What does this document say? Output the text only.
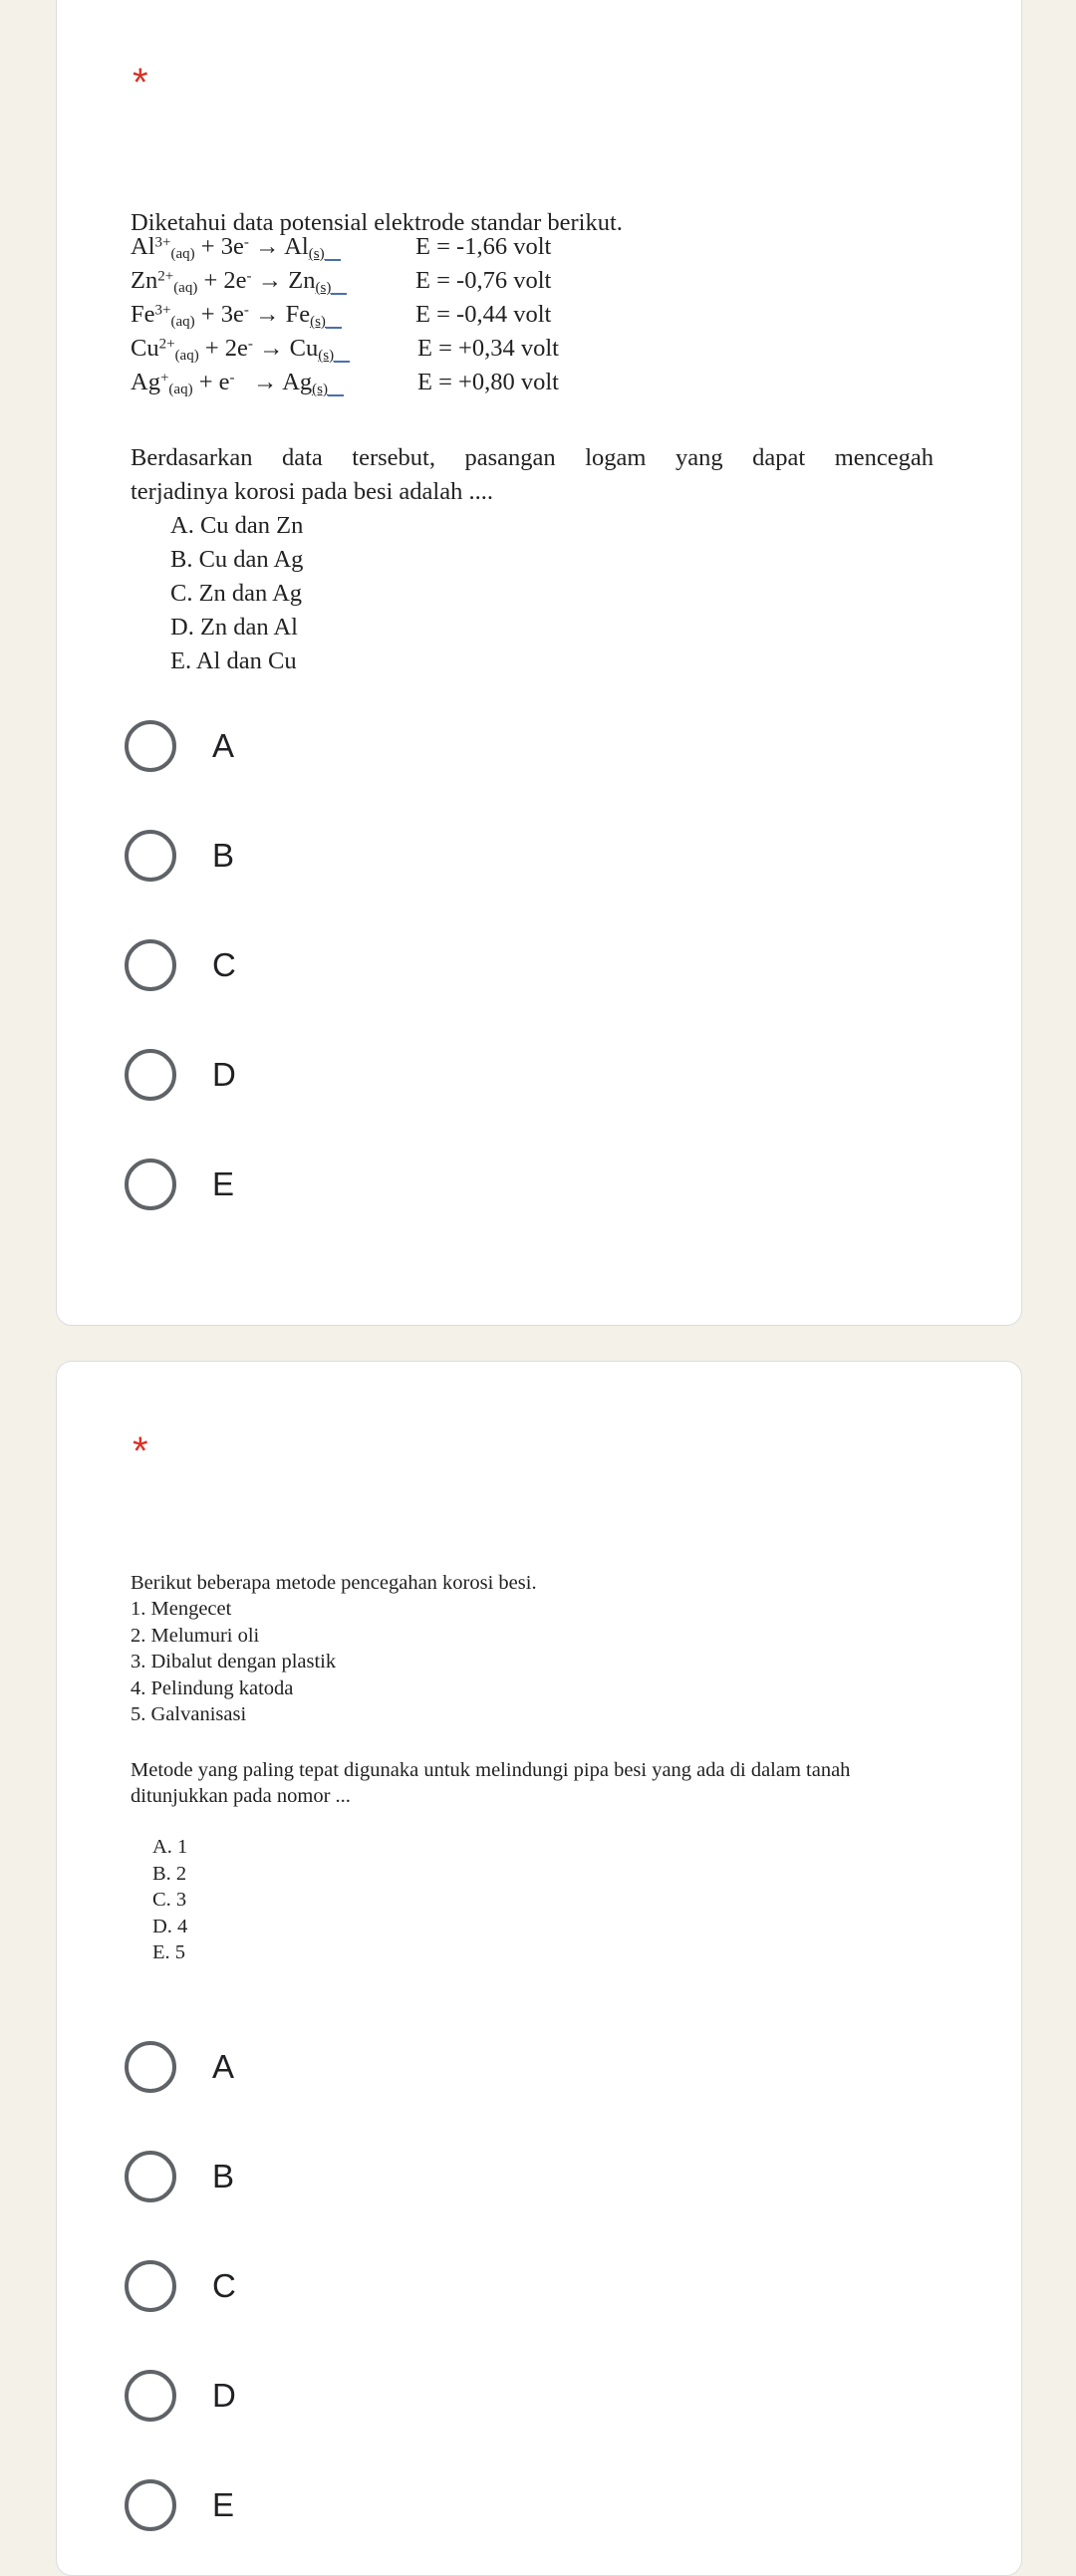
*
Diketahui data potensial elektrode standar berikut.
$Al^{3+}_{(aq)} + 3e^- \to Al_{(s)}$	E = -1,66 volt
$Zn^{2+}_{(aq)} + 2e^- \to Zn_{(s)}$	E = -0,76 volt
$Fe^{3+}_{(aq)} + 3e^- \to Fe_{(s)}$	E = -0,44 volt
$Cu^{2+}_{(aq)} + 2e^- \to Cu_{(s)}$	E = +0,34 volt
$Ag^+_{(aq)} + e^- \to Ag_{(s)}$	E = +0,80 volt
Berdasarkan data tersebut, pasangan logam yang dapat mencegah
terjadinya korosi pada besi adalah ....
A. Cu dan Zn
B. Cu dan Ag
C. Zn dan Ag
D. Zn dan Al
E. Al dan Cu
A
B
C
D
E
*
Berikut beberapa metode pencegahan korosi besi.
1. Mengecet
2. Melumuri oli
3. Dibalut dengan plastik
4. Pelindung katoda
5. Galvanisasi
Metode yang paling tepat digunaka untuk melindungi pipa besi yang ada di dalam tanah
ditunjukkan pada nomor ...
A. 1
B. 2
C. 3
D. 4
E. 5
A
B
C
D
E
